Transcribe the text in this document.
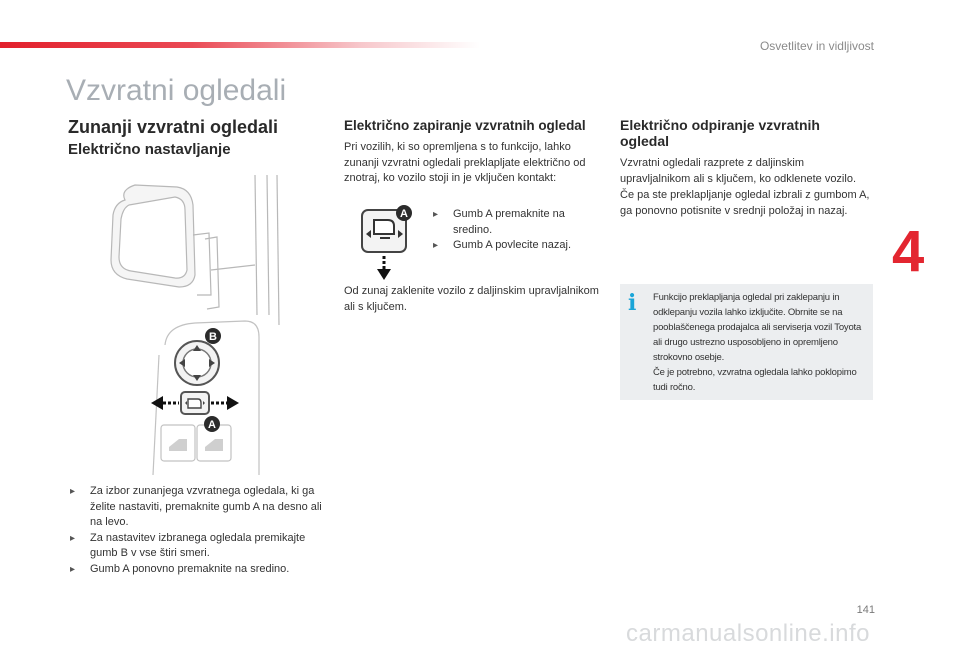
Osvetlitev in vidljivost
Vzvratni ogledali
Zunanji vzvratni ogledali
Električno nastavljanje
B
A
▸ Za izbor zunanjega vzvratnega ogledala, ki ga želite nastaviti, premaknite gumb A na desno ali na levo.
▸ Za nastavitev izbranega ogledala premikajte gumb B v vse štiri smeri.
▸ Gumb A ponovno premaknite na sredino.
Električno zapiranje vzvratnih ogledal

Pri vozilih, ki so opremljena s to funkcijo, lahko zunanji vzvratni ogledali preklapljate električno od znotraj, ko vozilo stoji in je vključen kontakt:

A
▸	Gumb A premaknite na sredino.
▸ Gumb A povlecite nazaj.

Od zunaj zaklenite vozilo z daljinskim upravljalnikom ali s ključem.

Električno odpiranje vzvratnih ogledal

Vzvratni ogledali razprete z daljinskim upravljalnikom ali s ključem, ko odklenete vozilo. Če pa ste preklapljanje ogledal izbrali z gumbom A, ga ponovno potisnite v srednji položaj in nazaj.

i Funkcijo preklapljanja ogledal pri zaklepanju in odklepanju vozila lahko izključite. Obrnite se na pooblaščenega prodajalca ali serviserja vozil Toyota ali drugo ustrezno usposobljeno in opremljeno strokovno osebje.

Če je potrebno, vzvratna ogledala lahko poklopimo tudi ročno.

4
141
carmanualsonline.info
